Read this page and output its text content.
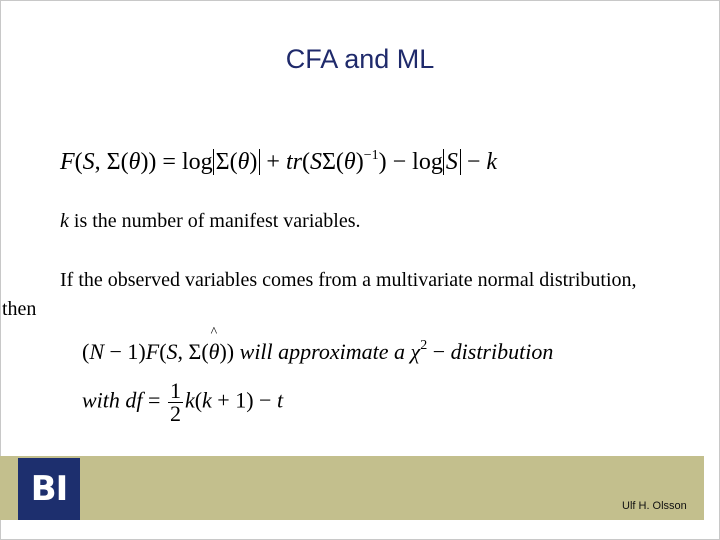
CFA and ML
F(S, $\Sigma(\theta)) = \log \Sigma(\theta) + tr(S\Sigma(\theta)^{-1}) - \log S - k$
k is the number of manifest variables.
If the observed variables comes from a multivariate normal distribution, then
(N − 1)F(S, Σ(^ θ)) will approximate a $\chi^2$ − distribution
with df = $\frac{1}{2} k(k + 1) - t$
BI	Ulf H. Olsson
